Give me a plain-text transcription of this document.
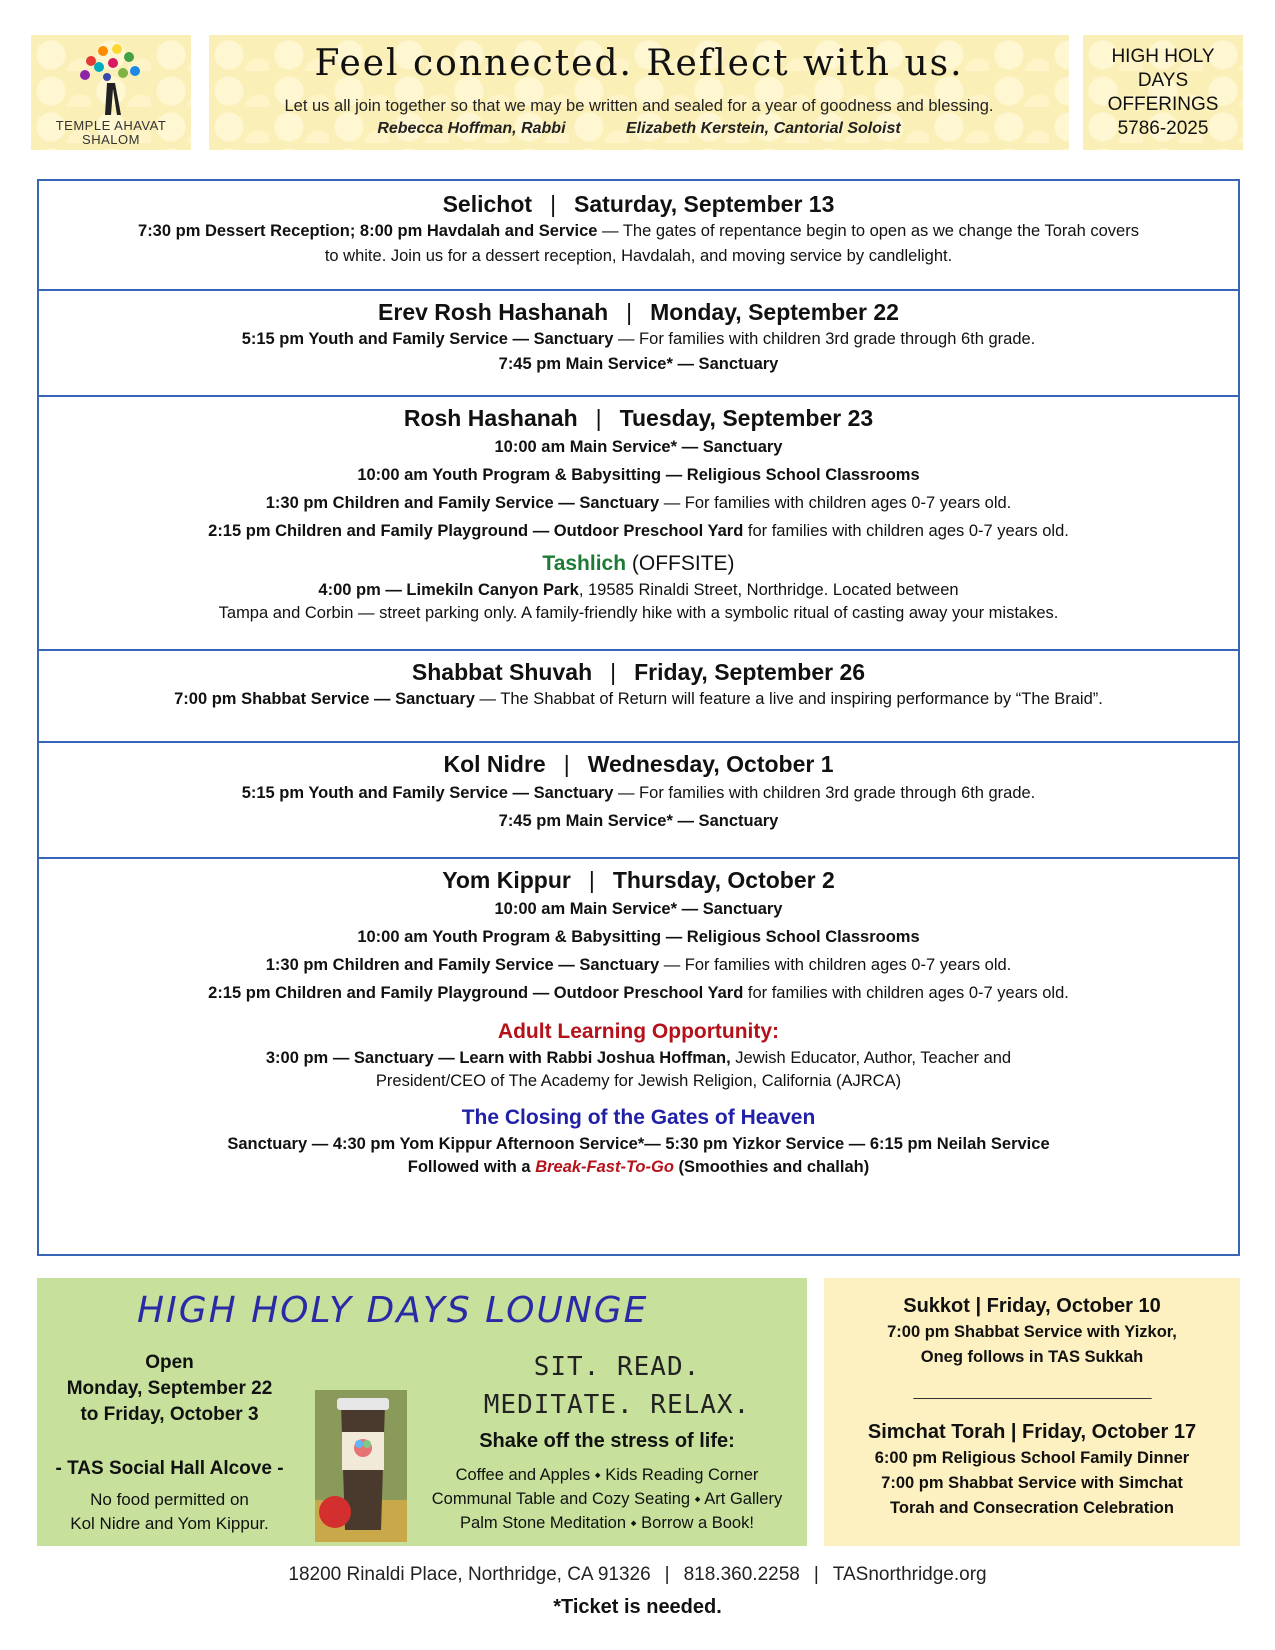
TEMPLE AHAVAT
SHALOM
Feel connected. Reflect with us.
Let us all join together so that we may be written and sealed for a year of goodness and blessing.
Rebecca Hoffman, Rabbi	Elizabeth Kerstein, Cantorial Soloist
HIGH HOLY
DAYS
OFFERINGS
5786-2025
Selichot | Saturday, September 13
7:30 pm Dessert Reception; 8:00 pm Havdalah and Service — The gates of repentance begin to open as we change the Torah covers
to white. Join us for a dessert reception, Havdalah, and moving service by candlelight.
Erev Rosh Hashanah | Monday, September 22
5:15 pm Youth and Family Service — Sanctuary — For families with children 3rd grade through 6th grade.
7:45 pm Main Service* — Sanctuary
Rosh Hashanah | Tuesday, September 23
10:00 am Main Service* — Sanctuary
10:00 am Youth Program & Babysitting — Religious School Classrooms
1:30 pm Children and Family Service — Sanctuary — For families with children ages 0-7 years old.
2:15 pm Children and Family Playground — Outdoor Preschool Yard for families with children ages 0-7 years old.
Tashlich (OFFSITE)
4:00 pm — Limekiln Canyon Park, 19585 Rinaldi Street, Northridge. Located between
Tampa and Corbin — street parking only. A family-friendly hike with a symbolic ritual of casting away your mistakes.
Shabbat Shuvah | Friday, September 26
7:00 pm Shabbat Service — Sanctuary — The Shabbat of Return will feature a live and inspiring performance by “The Braid”.
Kol Nidre | Wednesday, October 1
5:15 pm Youth and Family Service — Sanctuary — For families with children 3rd grade through 6th grade.
7:45 pm Main Service* — Sanctuary
Yom Kippur | Thursday, October 2
10:00 am Main Service* — Sanctuary
10:00 am Youth Program & Babysitting — Religious School Classrooms
1:30 pm Children and Family Service — Sanctuary — For families with children ages 0-7 years old.
2:15 pm Children and Family Playground — Outdoor Preschool Yard for families with children ages 0-7 years old.
Adult Learning Opportunity:
3:00 pm — Sanctuary — Learn with Rabbi Joshua Hoffman, Jewish Educator, Author, Teacher and
President/CEO of The Academy for Jewish Religion, California (AJRCA)
The Closing of the Gates of Heaven
Sanctuary — 4:30 pm Yom Kippur Afternoon Service*— 5:30 pm Yizkor Service — 6:15 pm Neilah Service
Followed with a Break-Fast-To-Go (Smoothies and challah)
HIGH HOLY DAYS LOUNGE
Open
Monday, September 22
to Friday, October 3
- TAS Social Hall Alcove -
No food permitted on
Kol Nidre and Yom Kippur.
SIT. READ.
MEDITATE. RELAX.
Shake off the stress of life:
Coffee and Apples ⬩ Kids Reading Corner
Communal Table and Cozy Seating ⬩ Art Gallery
Palm Stone Meditation ⬩ Borrow a Book!
Sukkot | Friday, October 10
7:00 pm Shabbat Service with Yizkor,
Oneg follows in TAS Sukkah
______________________________
Simchat Torah | Friday, October 17
6:00 pm Religious School Family Dinner
7:00 pm Shabbat Service with Simchat
Torah and Consecration Celebration
18200 Rinaldi Place, Northridge, CA 91326 | 818.360.2258 | TASnorthridge.org
*Ticket is needed.
